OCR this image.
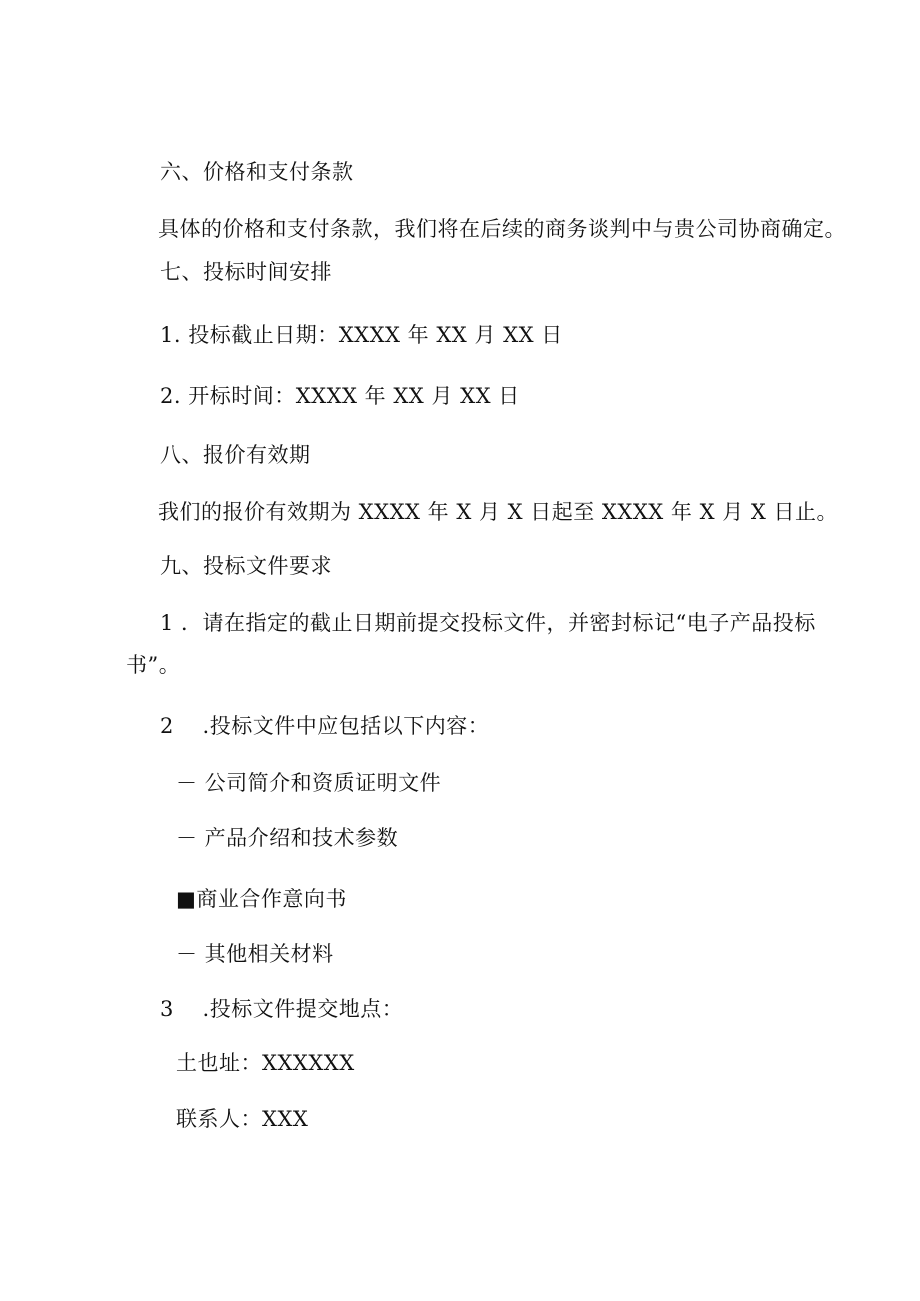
六、价格和支付条款
具体的价格和支付条款，我们将在后续的商务谈判中与贵公司协商确定。
七、投标时间安排
1. 投标截止日期：XXXX 年 XX 月 XX 日
2. 开标时间：XXXX 年 XX 月 XX 日
八、报价有效期
我们的报价有效期为 XXXX 年 X 月 X 日起至 XXXX 年 X 月 X 日止。
九、投标文件要求
1 ．请在指定的截止日期前提交投标文件，并密封标记“电子产品投标
书”。
2 　.投标文件中应包括以下内容：
－ 公司简介和资质证明文件
－ 产品介绍和技术参数
■商业合作意向书
－ 其他相关材料
3 　.投标文件提交地点：
土也址：XXXXXX
联系人：XXX
